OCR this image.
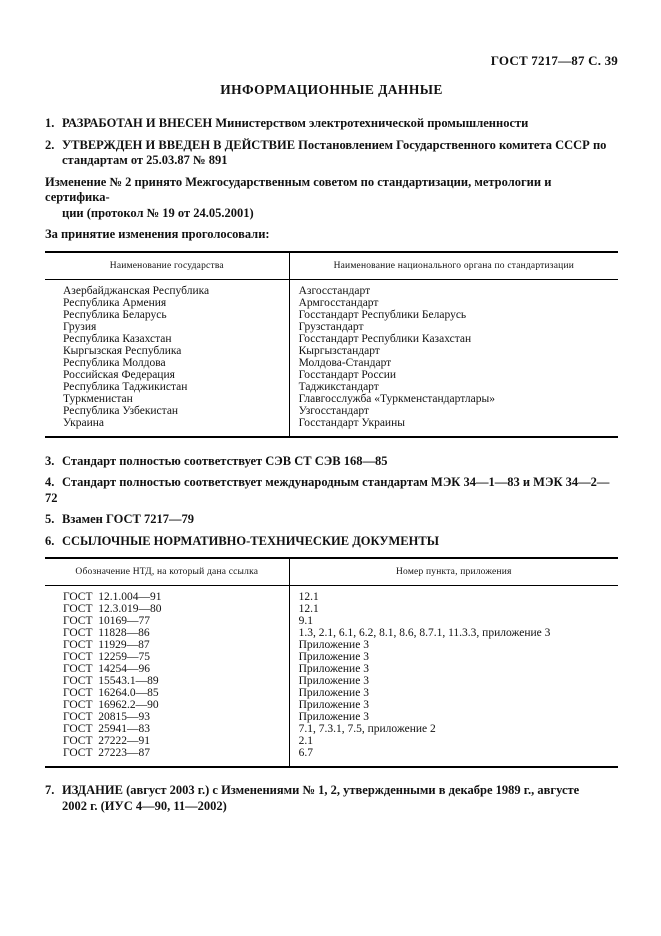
ГОСТ 7217—87 С. 39
ИНФОРМАЦИОННЫЕ ДАННЫЕ

1. РАЗРАБОТАН И ВНЕСЕН Министерством электротехнической промышленности

2. УТВЕРЖДЕН И ВВЕДЕН В ДЕЙСТВИЕ Постановлением Государственного комитета СССР по
стандартам от 25.03.87 № 891

Изменение № 2 принято Межгосударственным советом по стандартизации, метрологии и сертифика-
ции (протокол № 19 от 24.05.2001)

За принятие изменения проголосовали:

Наименование государства	Наименование национального органа по стандартизации
Азербайджанская Республика	Азгосстандарт
Республика Армения	Армгосстандарт
Республика Беларусь	Госстандарт Республики Беларусь
Грузия	Грузстандарт
Республика Казахстан	Госстандарт Республики Казахстан
Кыргызская Республика	Кыргызстандарт
Республика Молдова	Молдова-Стандарт
Российская Федерация	Госстандарт России
Республика Таджикистан	Таджикстандарт
Туркменистан	Главгосслужба «Туркменстандартлары»
Республика Узбекистан	Узгосстандарт
Украина	Госстандарт Украины

3. Стандарт полностью соответствует СЭВ СТ СЭВ 168—85

4. Стандарт полностью соответствует международным стандартам МЭК 34—1—83 и МЭК 34—2—72

5. Взамен ГОСТ 7217—79

6. ССЫЛОЧНЫЕ НОРМАТИВНО-ТЕХНИЧЕСКИЕ ДОКУМЕНТЫ

Обозначение НТД, на который дана ссылка	Номер пункта, приложения
ГОСТ  12.1.004—91	12.1
ГОСТ  12.3.019—80	12.1
ГОСТ  10169—77	9.1
ГОСТ  11828—86	1.3, 2.1, 6.1, 6.2, 8.1, 8.6, 8.7.1, 11.3.3, приложение 3
ГОСТ  11929—87	Приложение 3
ГОСТ  12259—75	Приложение 3
ГОСТ  14254—96	Приложение 3
ГОСТ  15543.1—89	Приложение 3
ГОСТ  16264.0—85	Приложение 3
ГОСТ  16962.2—90	Приложение 3
ГОСТ  20815—93	Приложение 3
ГОСТ  25941—83	7.1, 7.3.1, 7.5, приложение 2
ГОСТ  27222—91	2.1
ГОСТ  27223—87	6.7

7. ИЗДАНИЕ (август 2003 г.) с Изменениями № 1, 2, утвержденными в декабре 1989 г., августе
2002 г. (ИУС 4—90, 11—2002)
